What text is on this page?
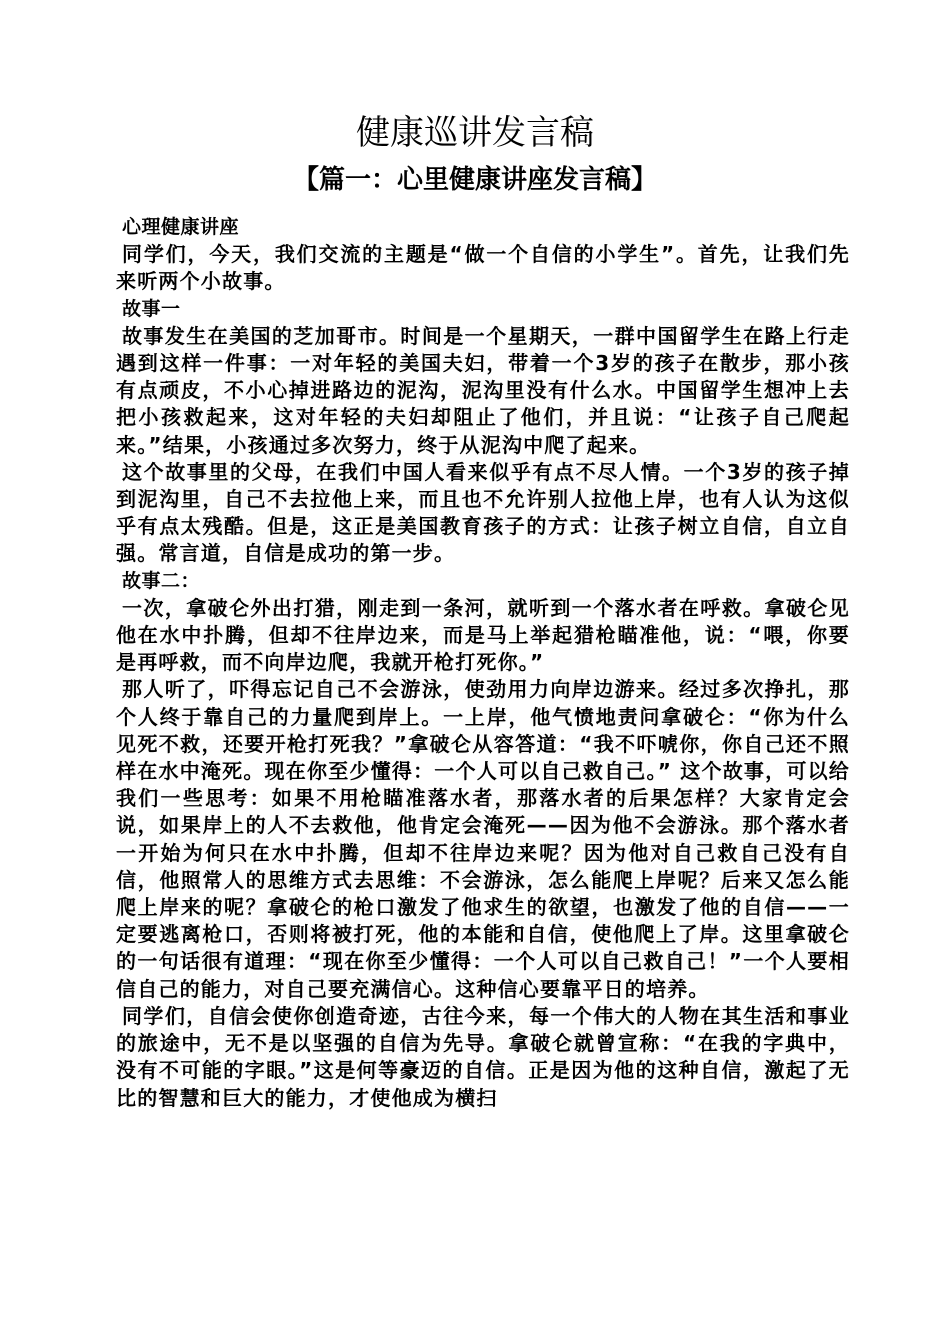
健康巡讲发言稿
【篇一：心里健康讲座发言稿】

心理健康讲座

同学们，今天，我们交流的主题是“做一个自信的小学生”。首先，让我们先来听两个小故事。

故事一

故事发生在美国的芝加哥市。时间是一个星期天，一群中国留学生在路上行走遇到这样一件事：一对年轻的美国夫妇，带着一个3岁的孩子在散步，那小孩有点顽皮，不小心掉进路边的泥沟，泥沟里没有什么水。中国留学生想冲上去把小孩救起来，这对年轻的夫妇却阻止了他们，并且说：“让孩子自己爬起来。”结果，小孩通过多次努力，终于从泥沟中爬了起来。

这个故事里的父母，在我们中国人看来似乎有点不尽人情。一个3岁的孩子掉到泥沟里，自己不去拉他上来，而且也不允许别人拉他上岸，也有人认为这似乎有点太残酷。但是，这正是美国教育孩子的方式：让孩子树立自信，自立自强。常言道，自信是成功的第一步。

故事二：

一次，拿破仑外出打猎，刚走到一条河，就听到一个落水者在呼救。拿破仑见他在水中扑腾，但却不往岸边来，而是马上举起猎枪瞄准他，说：“喂，你要是再呼救，而不向岸边爬，我就开枪打死你。”

那人听了，吓得忘记自己不会游泳，使劲用力向岸边游来。经过多次挣扎，那个人终于靠自己的力量爬到岸上。一上岸，他气愤地责问拿破仑：“你为什么见死不救，还要开枪打死我？”拿破仑从容答道：“我不吓唬你，你自己还不照样在水中淹死。现在你至少懂得：一个人可以自己救自己。” 这个故事，可以给我们一些思考：如果不用枪瞄准落水者，那落水者的后果怎样？大家肯定会说，如果岸上的人不去救他，他肯定会淹死——因为他不会游泳。那个落水者一开始为何只在水中扑腾，但却不往岸边来呢？因为他对自己救自己没有自信，他照常人的思维方式去思维：不会游泳，怎么能爬上岸呢？后来又怎么能爬上岸来的呢？拿破仑的枪口激发了他求生的欲望，也激发了他的自信——一定要逃离枪口，否则将被打死，他的本能和自信，使他爬上了岸。这里拿破仑的一句话很有道理：“现在你至少懂得：一个人可以自己救自己！”一个人要相信自己的能力，对自己要充满信心。这种信心要靠平日的培养。

同学们，自信会使你创造奇迹，古往今来，每一个伟大的人物在其生活和事业的旅途中，无不是以坚强的自信为先导。拿破仑就曾宣称：“在我的字典中，没有不可能的字眼。”这是何等豪迈的自信。正是因为他的这种自信，激起了无比的智慧和巨大的能力，才使他成为横扫
